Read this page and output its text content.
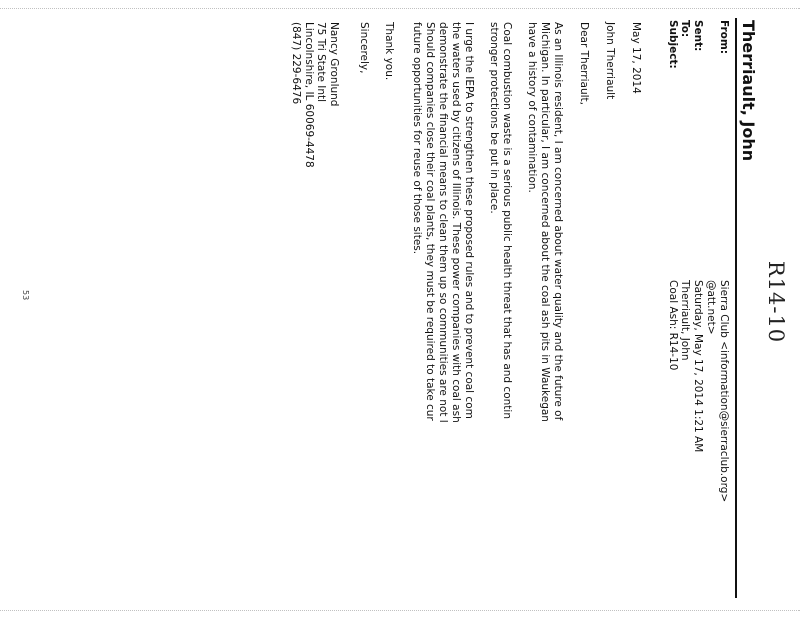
R14-10
Therriault, John
From:
Sierra Club <information@sierraclub.org>
@att.net>
Sent:
Saturday, May 17, 2014 1:21 AM
To:
Therriault, John
Subject:
Coal Ash: R14-10
May 17, 2014
John Therriault
Dear Therriault,
As an Illinois resident, I am concerned about water quality and the future of
Michigan. In particular, I am concerned about the coal ash pits in Waukegan
have a history of contamination.
Coal combustion waste is a serious public health threat that has and contin
stronger protections be put in place.
I urge the IEPA to strengthen these proposed rules and to prevent coal com
the waters used by citizens of Illinois. These power companies with coal ash
demonstrate the financial means to clean them up so communities are not l
Should companies close their coal plants, they must be required to take cur
future opportunities for reuse of those sites.
Thank you.
Sincerely,
Nancy Gronlund
75 Tri State Intl
Lincolnshire, IL 60069-4478
(847) 229-6476
53
